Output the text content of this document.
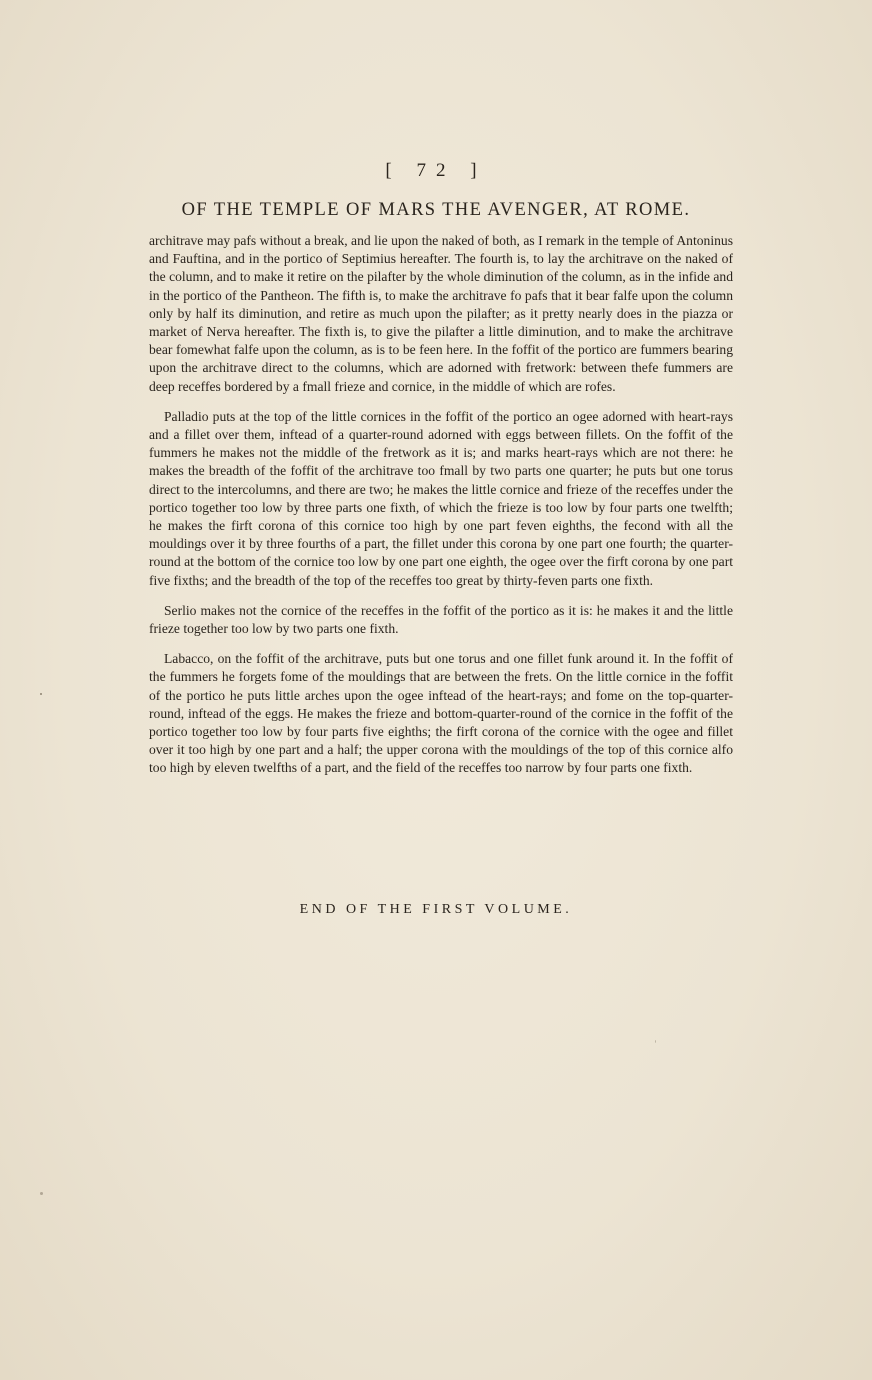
[ 72 ]
OF THE TEMPLE OF MARS THE AVENGER, AT ROME.

architrave may pafs without a break, and lie upon the naked of both, as I remark in the temple of Antoninus and Fauftina, and in the portico of Septimius hereafter. The fourth is, to lay the architrave on the naked of the column, and to make it retire on the pilafter by the whole diminution of the column, as in the infide and in the portico of the Pantheon. The fifth is, to make the architrave fo pafs that it bear falfe upon the column only by half its diminution, and retire as much upon the pilafter; as it pretty nearly does in the piazza or market of Nerva hereafter. The fixth is, to give the pilafter a little diminution, and to make the architrave bear fomewhat falfe upon the column, as is to be feen here. In the foffit of the portico are fummers bearing upon the architrave direct to the columns, which are adorned with fretwork: between thefe fummers are deep receffes bordered by a fmall frieze and cornice, in the middle of which are rofes.

Palladio puts at the top of the little cornices in the foffit of the portico an ogee adorned with heart-rays and a fillet over them, inftead of a quarter-round adorned with eggs between fillets. On the foffit of the fummers he makes not the middle of the fretwork as it is; and marks heart-rays which are not there: he makes the breadth of the foffit of the architrave too fmall by two parts one quarter; he puts but one torus direct to the intercolumns, and there are two; he makes the little cornice and frieze of the receffes under the portico together too low by three parts one fixth, of which the frieze is too low by four parts one twelfth; he makes the firft corona of this cornice too high by one part feven eighths, the fecond with all the mouldings over it by three fourths of a part, the fillet under this corona by one part one fourth; the quarter-round at the bottom of the cornice too low by one part one eighth, the ogee over the firft corona by one part five fixths; and the breadth of the top of the receffes too great by thirty-feven parts one fixth.

Serlio makes not the cornice of the receffes in the foffit of the portico as it is: he makes it and the little frieze together too low by two parts one fixth.

Labacco, on the foffit of the architrave, puts but one torus and one fillet funk around it. In the foffit of the fummers he forgets fome of the mouldings that are between the frets. On the little cornice in the foffit of the portico he puts little arches upon the ogee inftead of the heart-rays; and fome on the top-quarter-round, inftead of the eggs. He makes the frieze and bottom-quarter-round of the cornice in the foffit of the portico together too low by four parts five eighths; the firft corona of the cornice with the ogee and fillet over it too high by one part and a half; the upper corona with the mouldings of the top of this cornice alfo too high by eleven twelfths of a part, and the field of the receffes too narrow by four parts one fixth.

END OF THE FIRST VOLUME.
